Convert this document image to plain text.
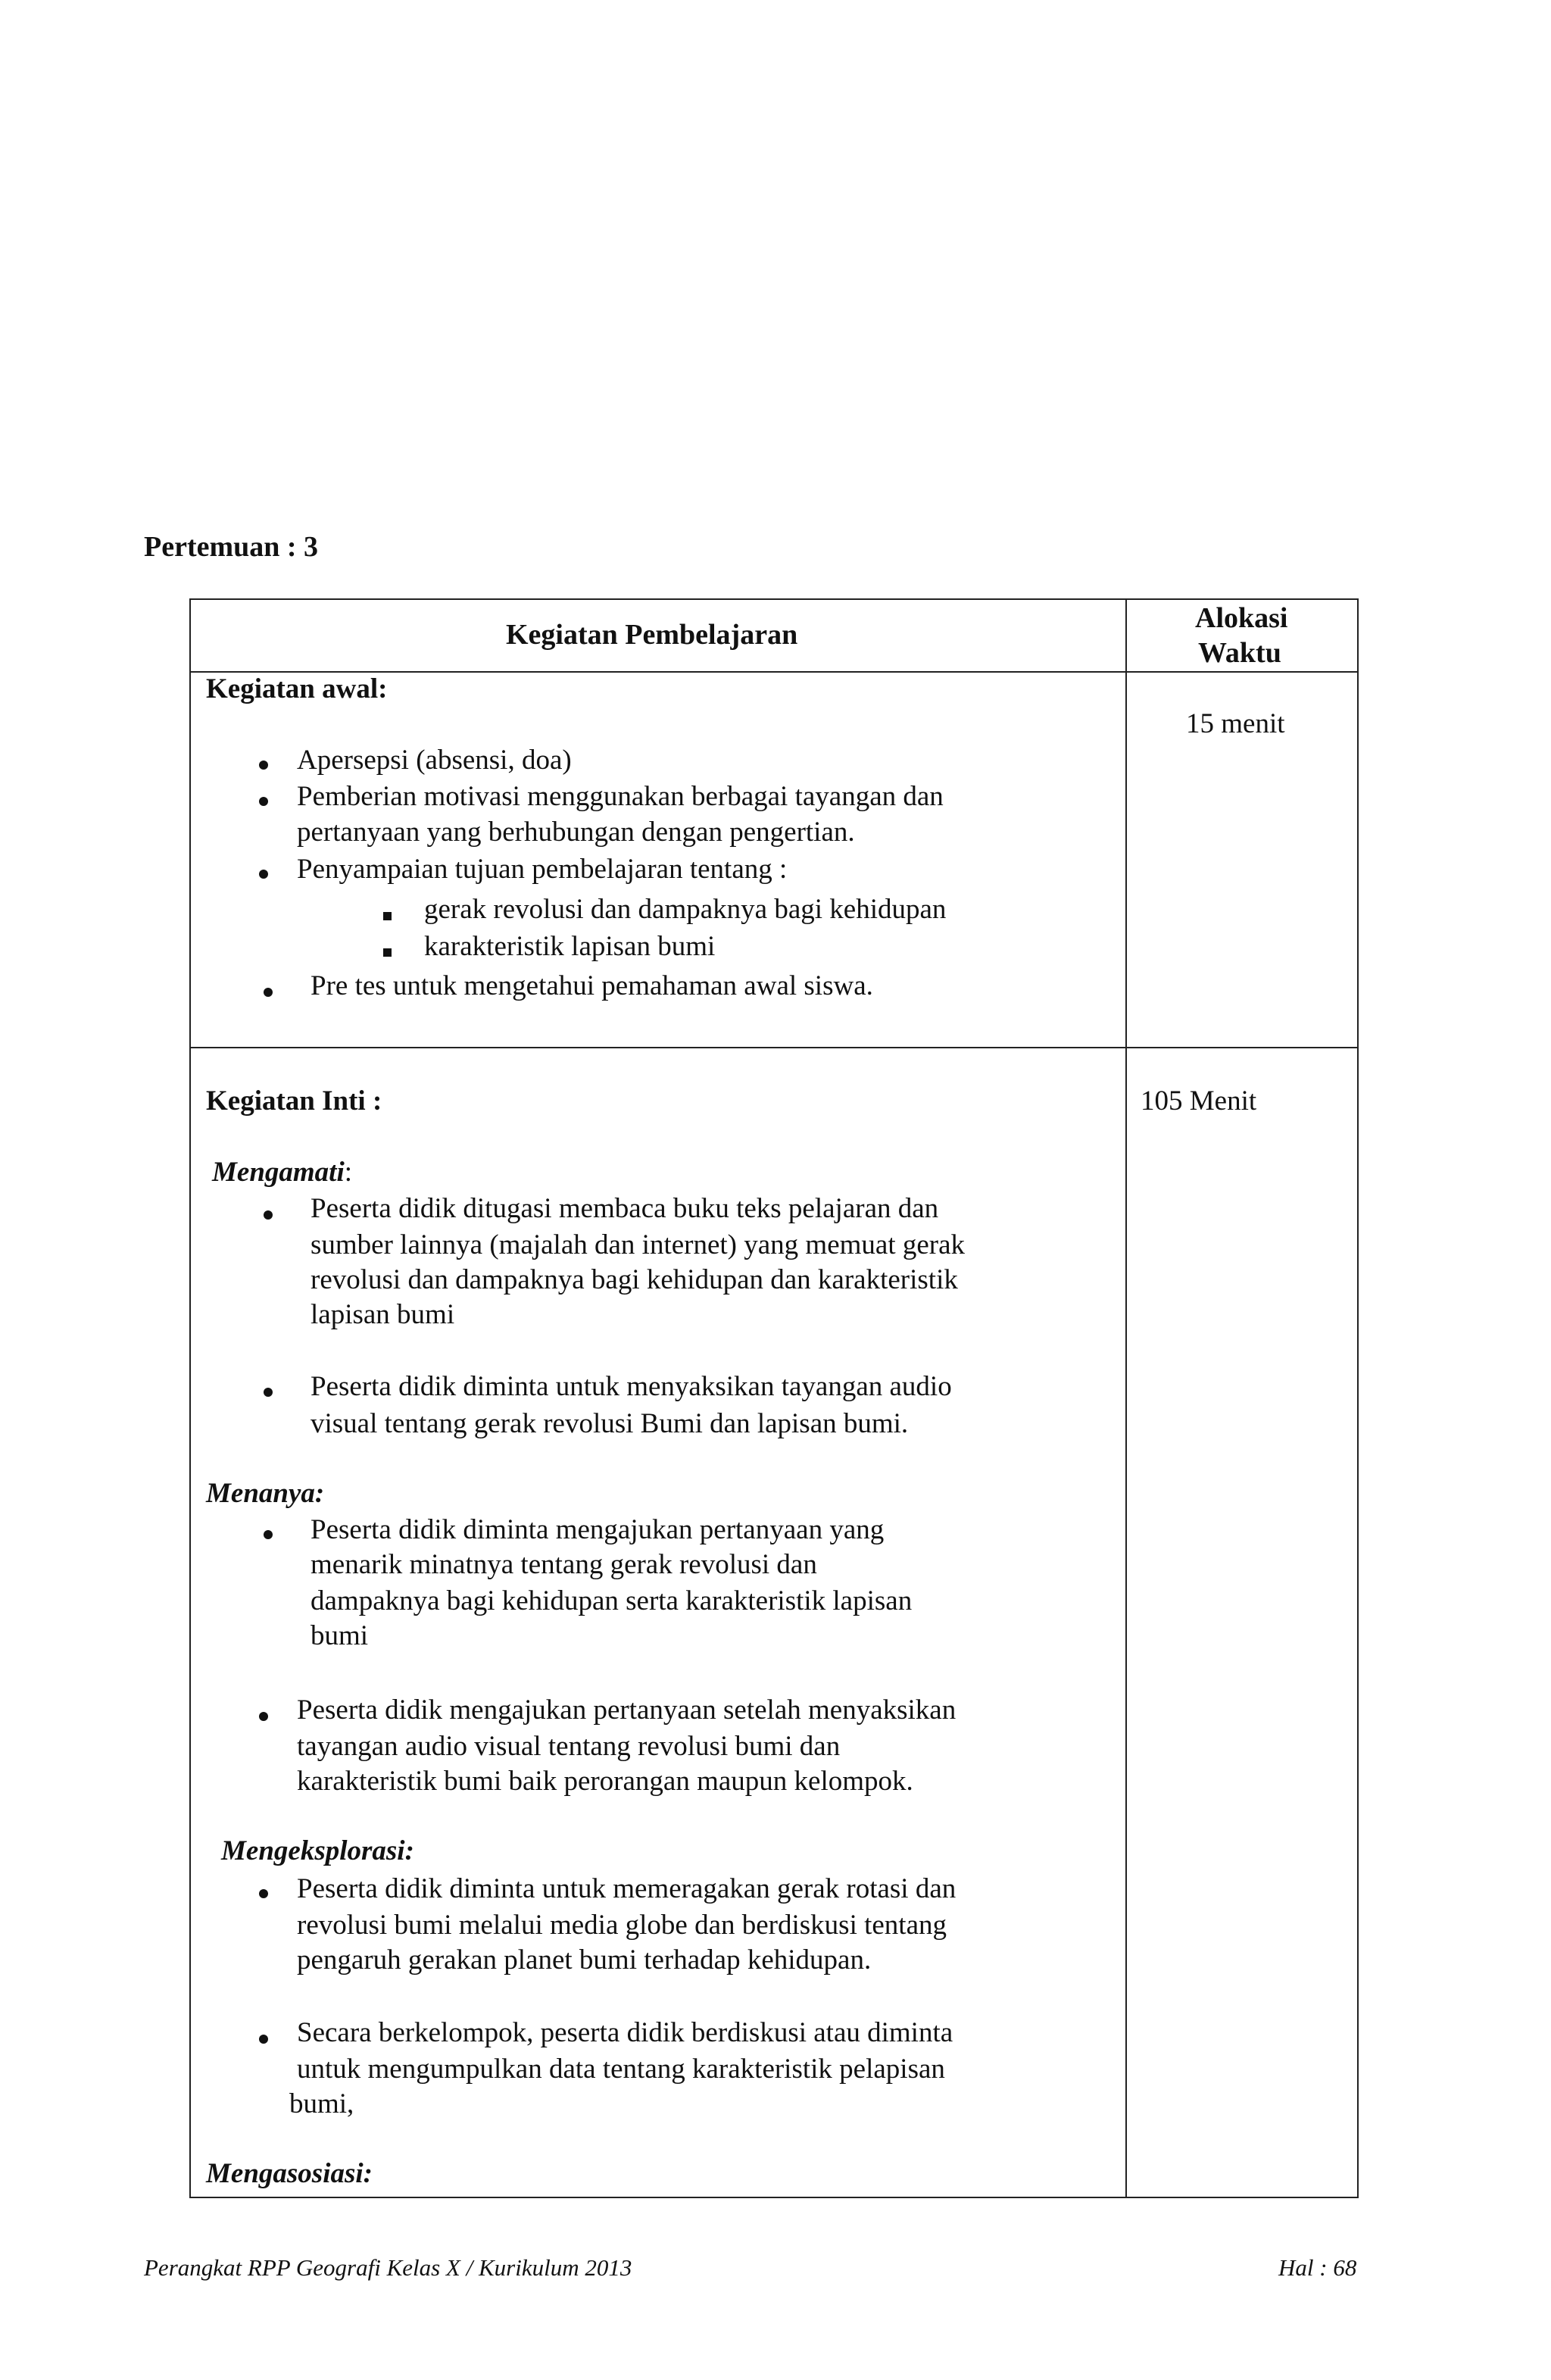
Pertemuan : 3
Kegiatan Pembelajaran
Alokasi
Waktu
Kegiatan awal:
15 menit
Apersepsi (absensi, doa)
Pemberian motivasi menggunakan berbagai tayangan dan
pertanyaan yang berhubungan dengan pengertian.
Penyampaian tujuan pembelajaran tentang :
gerak revolusi dan dampaknya bagi kehidupan
karakteristik lapisan bumi
Pre tes untuk mengetahui pemahaman awal siswa.
Kegiatan Inti :	105 Menit
Mengamati:
Peserta didik ditugasi membaca buku teks pelajaran dan
sumber lainnya (majalah dan internet) yang memuat gerak
revolusi dan dampaknya bagi kehidupan dan karakteristik
lapisan bumi
Peserta didik diminta untuk menyaksikan tayangan audio
visual tentang gerak revolusi Bumi dan lapisan bumi.
Menanya:
Peserta didik diminta mengajukan pertanyaan yang
menarik minatnya tentang gerak revolusi dan
dampaknya bagi kehidupan serta karakteristik lapisan
bumi
Peserta didik mengajukan pertanyaan setelah menyaksikan
tayangan audio visual tentang revolusi bumi dan
karakteristik bumi baik perorangan maupun kelompok.
Mengeksplorasi:
Peserta didik diminta untuk memeragakan gerak rotasi dan
revolusi bumi melalui media globe dan berdiskusi tentang
pengaruh gerakan planet bumi terhadap kehidupan.
Secara berkelompok, peserta didik berdiskusi atau diminta
untuk mengumpulkan data tentang karakteristik pelapisan
bumi,
Mengasosiasi:
Perangkat RPP Geografi Kelas X / Kurikulum 2013	Hal : 68
